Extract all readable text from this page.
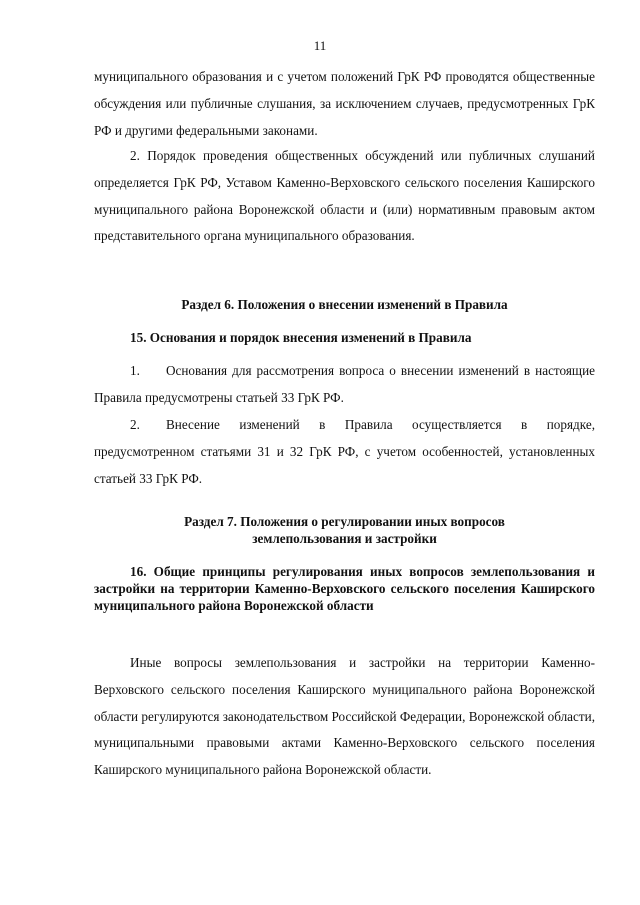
11

муниципального образования и с учетом положений ГрК РФ проводятся общественные обсуждения или публичные слушания, за исключением случаев, предусмотренных ГрК РФ и другими федеральными законами.

2. Порядок проведения общественных обсуждений или публичных слушаний определяется ГрК РФ, Уставом Каменно-Верховского сельского поселения Каширского муниципального района Воронежской области и (или) нормативным правовым актом представительного органа муниципального образования.

Раздел 6. Положения о внесении изменений в Правила

15. Основания и порядок внесения изменений в Правила

1. Основания для рассмотрения вопроса о внесении изменений в настоящие Правила предусмотрены статьей 33 ГрК РФ.

2. Внесение изменений в Правила осуществляется в порядке, предусмотренном статьями 31 и 32 ГрК РФ, с учетом особенностей, установленных статьей 33 ГрК РФ.

Раздел 7. Положения о регулировании иных вопросов
землепользования и застройки

16. Общие принципы регулирования иных вопросов землепользования и застройки на территории Каменно-Верховского сельского поселения Каширского муниципального района Воронежской области

Иные вопросы землепользования и застройки на территории Каменно-Верховского сельского поселения Каширского муниципального района Воронежской области регулируются законодательством Российской Федерации, Воронежской области, муниципальными правовыми актами Каменно-Верховского сельского поселения Каширского муниципального района Воронежской области.
